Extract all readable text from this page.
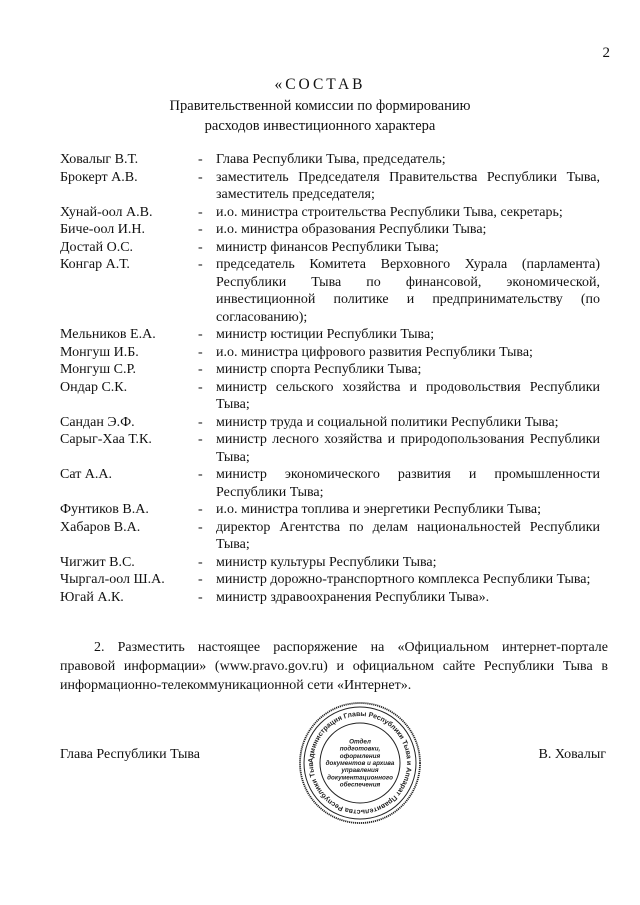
2
«СОСТАВ
Правительственной комиссии по формированию
расходов инвестиционного характера
Ховалыг В.Т.	- Глава Республики Тыва, председатель;
Брокерт А.В.	- заместитель Председателя Правительства Республики Тыва, заместитель председателя;
Хунай-оол А.В.	- и.о. министра строительства Республики Тыва, секретарь;
Биче-оол И.Н.	- и.о. министра образования Республики Тыва;
Достай О.С.	- министр финансов Республики Тыва;
Конгар А.Т.	- председатель Комитета Верховного Хурала (парламента) Республики Тыва по финансовой, экономической, инвестиционной политике и предпринимательству (по согласованию);
Мельников Е.А.	- министр юстиции Республики Тыва;
Монгуш И.Б.	- и.о. министра цифрового развития Республики Тыва;
Монгуш С.Р.	- министр спорта Республики Тыва;
Ондар С.К.	- министр сельского хозяйства и продовольствия Республики Тыва;
Сандан Э.Ф.	- министр труда и социальной политики Республики Тыва;
Сарыг-Хаа Т.К.	- министр лесного хозяйства и природопользования Республики Тыва;
Сат А.А.	- министр экономического развития и промышленности Республики Тыва;
Фунтиков В.А.	- и.о. министра топлива и энергетики Республики Тыва;
Хабаров В.А.	- директор Агентства по делам национальностей Республики Тыва;
Чигжит В.С.	- министр культуры Республики Тыва;
Чыргал-оол Ш.А.	- министр дорожно-транспортного комплекса Республики Тыва;
Югай А.К.	- министр здравоохранения Республики Тыва».
2. Разместить настоящее распоряжение на «Официальном интернет-портале правовой информации» (www.pravo.gov.ru) и официальном сайте Республики Тыва в информационно-телекоммуникационной сети «Интернет».
Глава Республики Тыва	В. Ховалыг
Администрация Главы Республики Тыва и Аппарат Правительства Республики Тыв
Отдел
подготовки,
оформления
документов и архива
управления
документационного
обеспечения
